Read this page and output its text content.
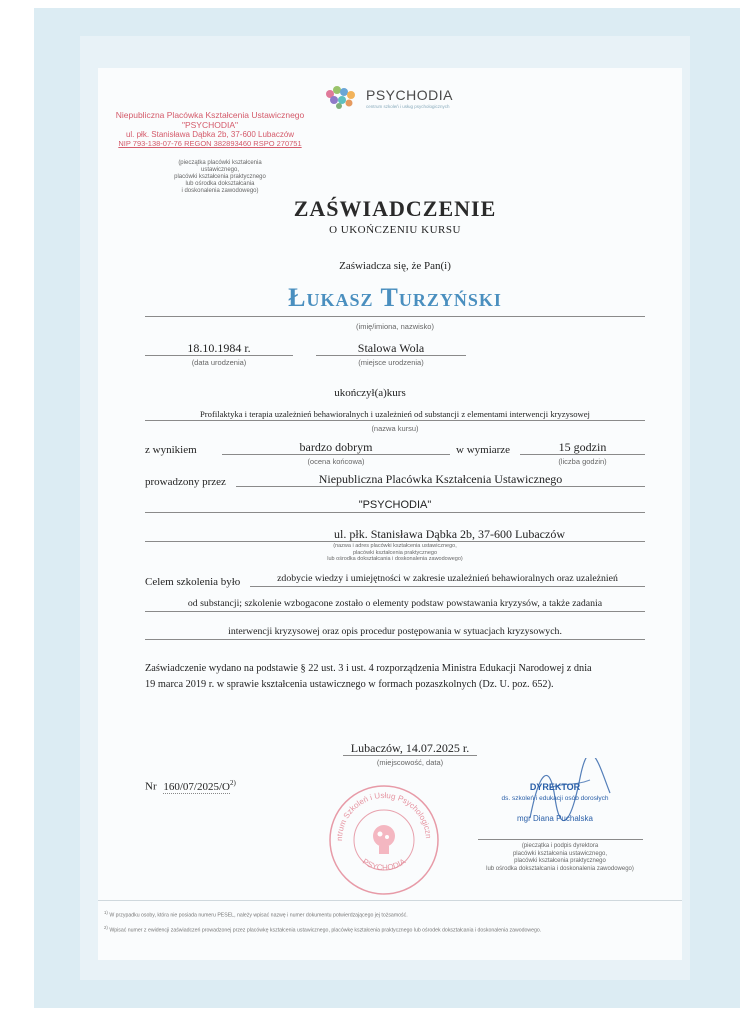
PSYCHODIA
centrum szkoleń i usług psychologicznych
Niepubliczna Placówka Kształcenia Ustawicznego
"PSYCHODIA"
ul. płk. Stanisława Dąbka 2b, 37-600 Lubaczów
NIP 793-138-07-76 REGON 382893460 RSPO 270751
(pieczątka placówki kształcenia ustawicznego,
placówki kształcenia praktycznego
lub ośrodka dokształcania
i doskonalenia zawodowego)
ZAŚWIADCZENIE
O UKOŃCZENIU KURSU
Zaświadcza się, że Pan(i)
Łukasz Turzyński
(imię/imiona, nazwisko)
18.10.1984 r.
(data urodzenia)
Stalowa Wola
(miejsce urodzenia)
ukończył(a)kurs
Profilaktyka i terapia uzależnień behawioralnych i uzależnień od substancji z elementami interwencji kryzysowej
(nazwa kursu)
z wynikiem	bardzo dobrym
(ocena końcowa)
w wymiarze	15 godzin
(liczba godzin)
prowadzony przez	Niepubliczna Placówka Kształcenia Ustawicznego
"PSYCHODIA"
ul. płk. Stanisława Dąbka 2b, 37-600 Lubaczów
(nazwa i adres placówki kształcenia ustawicznego,
placówki kształcenia praktycznego
lub ośrodka dokształcania i doskonalenia zawodowego)
Celem szkolenia było	zdobycie wiedzy i umiejętności w zakresie uzależnień behawioralnych oraz uzależnień
od substancji; szkolenie wzbogacone zostało o elementy podstaw powstawania kryzysów, a także zadania
interwencji kryzysowej oraz opis procedur postępowania w sytuacjach kryzysowych.
Zaświadczenie wydano na podstawie § 22 ust. 3 i ust. 4 rozporządzenia Ministra Edukacji Narodowej z dnia
19 marca 2019 r. w sprawie kształcenia ustawicznego w formach pozaszkolnych (Dz. U. poz. 652).
Lubaczów, 14.07.2025 r.
(miejscowość, data)
Nr $160/07/2025/O^{2)}$
ntrum Szkoleń i Usług Psychologiczn
PSYCHODIA
DYREKTOR
ds. szkoleń i edukacji osób dorosłych
mgr Diana Puchalska
(pieczątka i podpis dyrektora
placówki kształcenia ustawicznego,
placówki kształcenia praktycznego
lub ośrodka dokształcania i doskonalenia zawodowego)
$^{1)}$ W przypadku osoby, która nie posiada numeru PESEL, należy wpisać nazwę i numer dokumentu potwierdzającego jej tożsamość.
$^{2)}$ Wpisać numer z ewidencji zaświadczeń prowadzonej przez placówkę kształcenia ustawicznego, placówkę kształcenia praktycznego lub ośrodek dokształcania i doskonalenia zawodowego.
